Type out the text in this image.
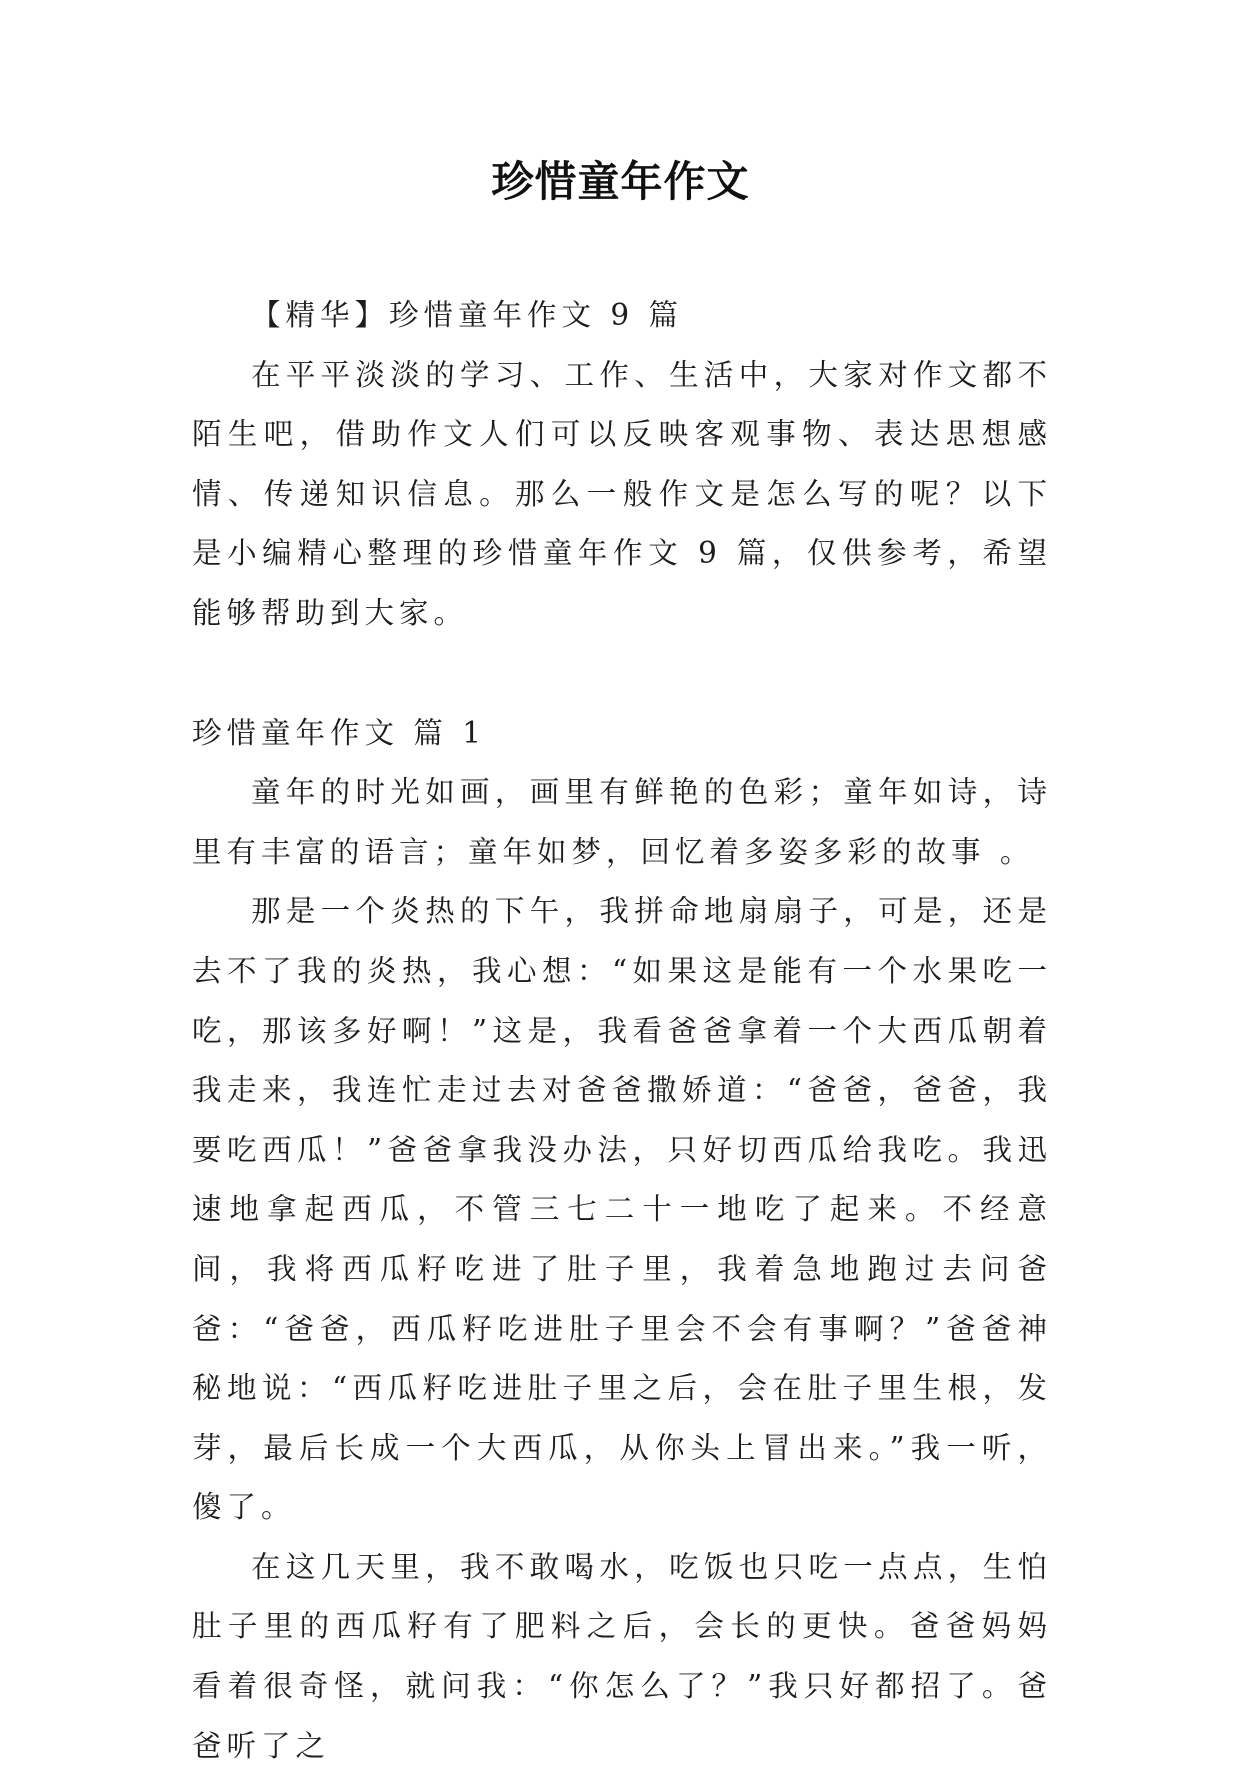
珍惜童年作文

【精华】珍惜童年作文 9 篇

在平平淡淡的学习、工作、生活中，大家对作文都不陌生吧，借助作文人们可以反映客观事物、表达思想感情、传递知识信息。那么一般作文是怎么写的呢？以下是小编精心整理的珍惜童年作文 9 篇，仅供参考，希望能够帮助到大家。

珍惜童年作文 篇 1

童年的时光如画，画里有鲜艳的色彩；童年如诗，诗里有丰富的语言；童年如梦，回忆着多姿多彩的故事 。

那是一个炎热的下午，我拼命地扇扇子，可是，还是去不了我的炎热，我心想：“如果这是能有一个水果吃一吃，那该多好啊！”这是，我看爸爸拿着一个大西瓜朝着我走来，我连忙走过去对爸爸撒娇道：“爸爸，爸爸，我要吃西瓜！”爸爸拿我没办法，只好切西瓜给我吃。我迅速地拿起西瓜，不管三七二十一地吃了起来。不经意间，我将西瓜籽吃进了肚子里，我着急地跑过去问爸爸：“爸爸，西瓜籽吃进肚子里会不会有事啊？”爸爸神秘地说：“西瓜籽吃进肚子里之后，会在肚子里生根，发芽，最后长成一个大西瓜，从你头上冒出来。”我一听，傻了。

在这几天里，我不敢喝水，吃饭也只吃一点点，生怕肚子里的西瓜籽有了肥料之后，会长的更快。爸爸妈妈看着很奇怪，就问我：“你怎么了？”我只好都招了。爸爸听了之
